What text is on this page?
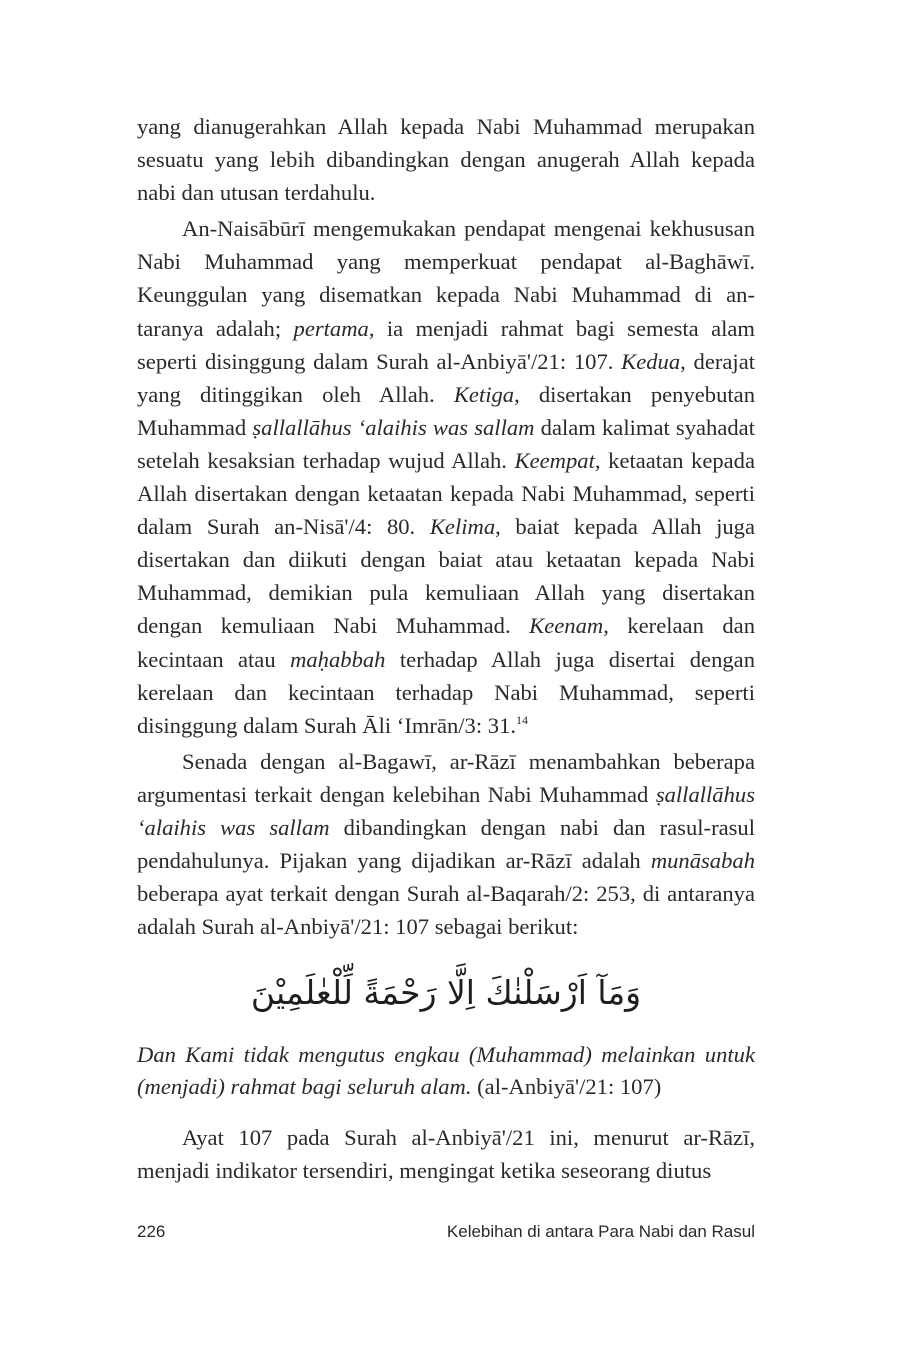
yang dianugerahkan Allah kepada Nabi Muhammad merupakan sesuatu yang lebih dibandingkan dengan anugerah Allah kepada nabi dan utusan terdahulu.

An-Naisābūrī mengemukakan pendapat mengenai kekhususan Nabi Muhammad yang memperkuat pendapat al-Baghāwī. Keunggulan yang disematkan kepada Nabi Muhammad di antaranya adalah; pertama, ia menjadi rahmat bagi semesta alam seperti disinggung dalam Surah al-Anbiyā'/21: 107. Kedua, derajat yang ditinggikan oleh Allah. Ketiga, disertakan penyebutan Muhammad ṣallallāhus ‘alaihis was sallam dalam kalimat syahadat setelah kesaksian terhadap wujud Allah. Keempat, ketaatan kepada Allah disertakan dengan ketaatan kepada Nabi Muhammad, seperti dalam Surah an-Nisā'/4: 80. Kelima, baiat kepada Allah juga disertakan dan diikuti dengan baiat atau ketaatan kepada Nabi Muhammad, demikian pula kemuliaan Allah yang disertakan dengan kemuliaan Nabi Muhammad. Keenam, kerelaan dan kecintaan atau maḥabbah terhadap Allah juga disertai dengan kerelaan dan kecintaan terhadap Nabi Muhammad, seperti disinggung dalam Surah Āli ‘Imrān/3: 31.14

Senada dengan al-Bagawī, ar-Rāzī menambahkan beberapa argumentasi terkait dengan kelebihan Nabi Muhammad ṣallallāhus ‘alaihis was sallam dibandingkan dengan nabi dan rasul-rasul pendahulunya. Pijakan yang dijadikan ar-Rāzī adalah munāsabah beberapa ayat terkait dengan Surah al-Baqarah/2: 253, di antaranya adalah Surah al-Anbiyā'/21: 107 sebagai berikut:

وَمَآ اَرْسَلْنٰكَ اِلَّا رَحْمَةً لِّلْعٰلَمِيْنَ

Dan Kami tidak mengutus engkau (Muhammad) melainkan untuk (menjadi) rahmat bagi seluruh alam. (al-Anbiyā'/21: 107)

Ayat 107 pada Surah al-Anbiyā'/21 ini, menurut ar-Rāzī, menjadi indikator tersendiri, mengingat ketika seseorang diutus

226	Kelebihan di antara Para Nabi dan Rasul
